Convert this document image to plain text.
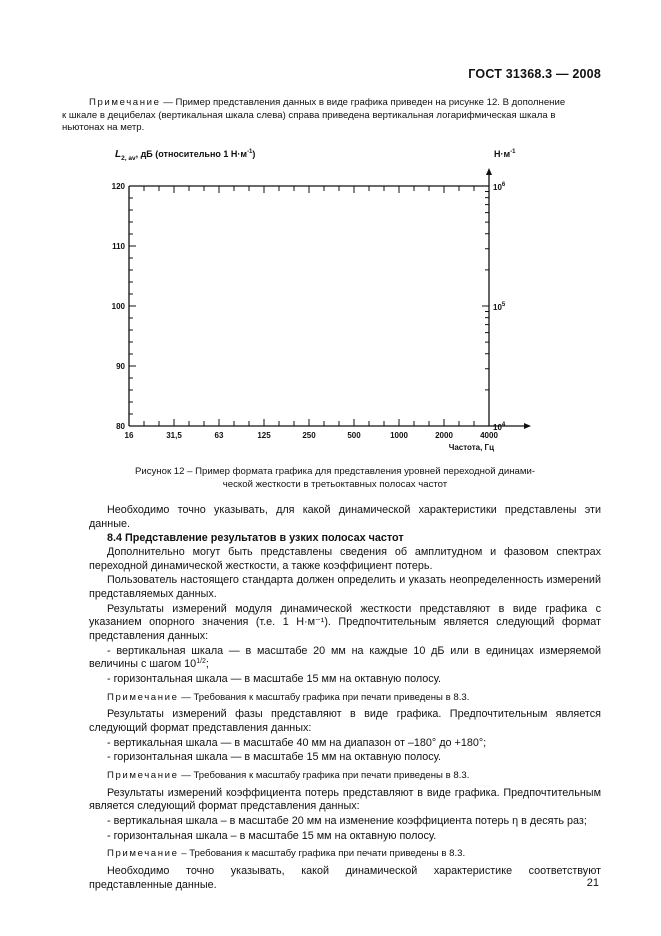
ГОСТ 31368.3 — 2008

Примечание — Пример представления данных в виде графика приведен на рисунке 12. В дополнение

к шкале в децибелах (вертикальная шкала слева) справа приведена вертикальная логарифмическая шкала в

ньютонах на метр.

16	31,5	63	125	250	500	1000	2000	4000
120
110
100
90
80
$10^6$
$10^5$
$10^4$
$L_{2, av}$, дБ (относительно 1 $Н\cdot м^{-1}$)	$Н\cdot м^{-1}$
Частота, Гц
Рисунок 12 – Пример формата графика для представления уровней переходной динами-
ческой жесткости в третьоктавных полосах частот

Необходимо точно указывать, для какой динамической характеристики представлены эти данные.

8.4 Представление результатов в узких полосах частот

Дополнительно могут быть представлены сведения об амплитудном и фазовом спектрах переходной динамической жесткости, а также коэффициент потерь.

Пользователь настоящего стандарта должен определить и указать неопределенность измерений представляемых данных.

Результаты измерений модуля динамической жесткости представляют в виде графика с указанием опорного значения (т.е. 1 Н·м⁻¹). Предпочтительным является следующий формат представления данных:

- вертикальная шкала — в масштабе 20 мм на каждые 10 дБ или в единицах измеряемой величины с шагом $10^{1/2}$;

- горизонтальная шкала — в масштабе 15 мм на октавную полосу.

Примечание — Требования к масштабу графика при печати приведены в 8.3.

Результаты измерений фазы представляют в виде графика. Предпочтительным является следующий формат представления данных:

- вертикальная шкала — в масштабе 40 мм на диапазон от –180° до +180°;

- горизонтальная шкала — в масштабе 15 мм на октавную полосу.

Примечание — Требования к масштабу графика при печати приведены в 8.3.

Результаты измерений коэффициента потерь представляют в виде графика. Предпочтительным является следующий формат представления данных:

- вертикальная шкала – в масштабе 20 мм на изменение коэффициента потерь η в десять раз;

- горизонтальная шкала – в масштабе 15 мм на октавную полосу.

Примечание – Требования к масштабу графика при печати приведены в 8.3.

Необходимо точно указывать, какой динамической характеристике соответствуют представленные данные.	21
